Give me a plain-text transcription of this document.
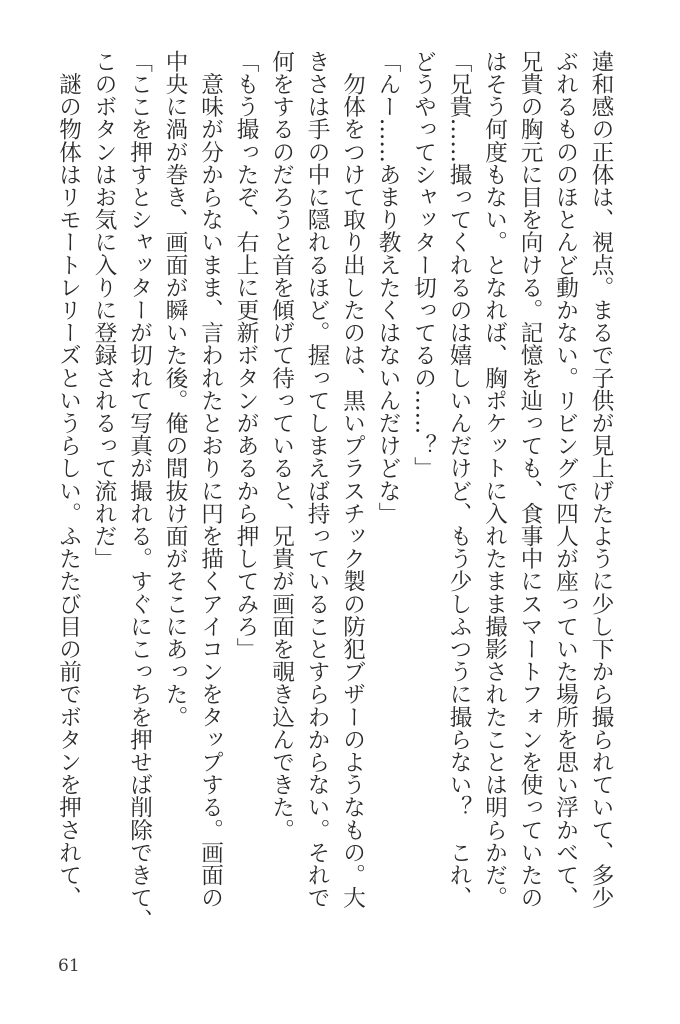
違和感の正体は、視点。まるで子供が見上げたように少し下から撮られていて、多少
ぶれるもののほとんど動かない。リビングで四人が座っていた場所を思い浮かべて、
兄貴の胸元に目を向ける。記憶を辿っても、食事中にスマートフォンを使っていたの
はそう何度もない。となれば、胸ポケットに入れたまま撮影されたことは明らかだ。
「兄貴……撮ってくれるのは嬉しいんだけど、もう少しふつうに撮らない？　これ、
どうやってシャッター切ってるの……？」
「んー……あまり教えたくはないんだけどな」
　勿体をつけて取り出したのは、黒いプラスチック製の防犯ブザーのようなもの。大
きさは手の中に隠れるほど。握ってしまえば持っていることすらわからない。それで
何をするのだろうと首を傾げて待っていると、兄貴が画面を覗き込んできた。
「もう撮ったぞ、右上に更新ボタンがあるから押してみろ」
　意味が分からないまま、言われたとおりに円を描くアイコンをタップする。画面の
中央に渦が巻き、画面が瞬いた後。俺の間抜け面がそこにあった。
「ここを押すとシャッターが切れて写真が撮れる。すぐにこっちを押せば削除できて、
このボタンはお気に入りに登録されるって流れだ」
　謎の物体はリモートレリーズというらしい。ふたたび目の前でボタンを押されて、
61
